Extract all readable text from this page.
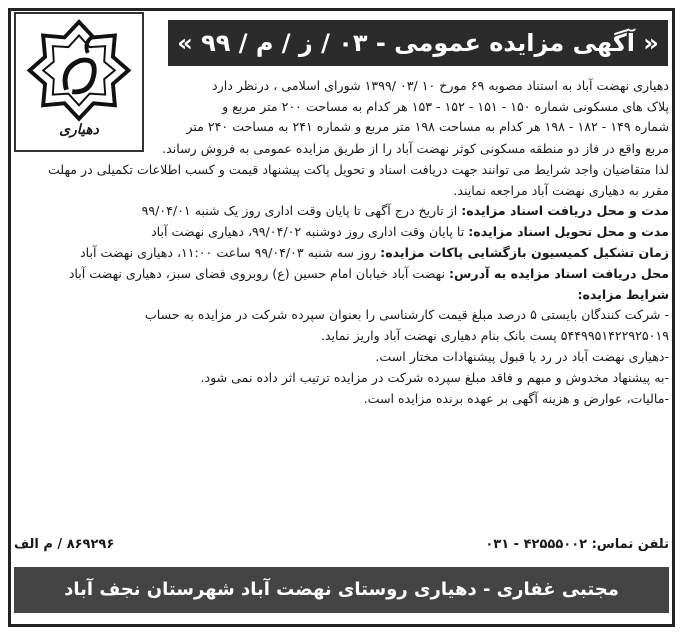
دهیاری
« آگهی مزایده عمومی - ۰۳ / ز / م / ۹۹ »

دهیاری نهضت آباد به استناد مصوبه ۶۹ مورخ ۱۰ /۰۳ /۱۳۹۹ شورای اسلامی ، درنظر دارد

پلاک های مسکونی شماره ۱۵۰ - ۱۵۱ - ۱۵۲ - ۱۵۳ هر کدام به مساحت ۲۰۰ متر مربع و

شماره ۱۴۹ - ۱۸۲ - ۱۹۸ هر کدام به مساحت ۱۹۸ متر مربع و شماره ۲۴۱ به مساحت ۲۴۰ متر

مربع واقع در فاز دو منطقه مسکونی کوثر نهضت آباد را از طریق مزایده عمومی به فروش رساند.

لذا متقاضیان واجد شرایط می توانند جهت دریافت اسناد و تحویل پاکت پیشنهاد قیمت و کسب اطلاعات تکمیلی در مهلت

مقرر به دهیاری نهضت آباد مراجعه نمایند.

مدت و محل دریافت اسناد مزایده: از تاریخ درج آگهی تا پایان وقت اداری روز یک شنبه ۹۹/۰۴/۰۱

مدت و محل تحویل اسناد مزایده: تا پایان وقت اداری روز دوشنبه ۹۹/۰۴/۰۲، دهیاری نهضت آباد

زمان تشکیل کمیسیون بازگشایی پاکات مزایده: روز سه شنبه ۹۹/۰۴/۰۳ ساعت ۱۱:۰۰، دهیاری نهضت آباد

محل دریافت اسناد مزایده به آدرس: نهضت آباد خیابان امام حسین (ع) روبروی فضای سبز، دهیاری نهضت آباد

شرایط مزایده:

- شرکت کنندگان بایستی ۵ درصد مبلغ قیمت کارشناسی را بعنوان سپرده شرکت در مزایده به حساب

۵۴۴۹۹۵۱۴۲۲۹۲۵۰۱۹ پست بانک بنام دهیاری نهضت آباد واریز نماید.

-دهیاری نهضت آباد در رد یا قبول پیشنهادات مختار است.

-به پیشنهاد مخدوش و مبهم و فاقد مبلغ سپرده شرکت در مزایده ترتیب اثر داده نمی شود.

-مالیات، عوارض و هزینه آگهی بر عهده برنده مزایده است.

تلفن تماس: ۴۲۵۵۵۰۰۲ - ۰۳۱
۸۶۹۲۹۶ / م الف
مجتبی غفاری - دهیاری روستای نهضت آباد شهرستان نجف آباد
